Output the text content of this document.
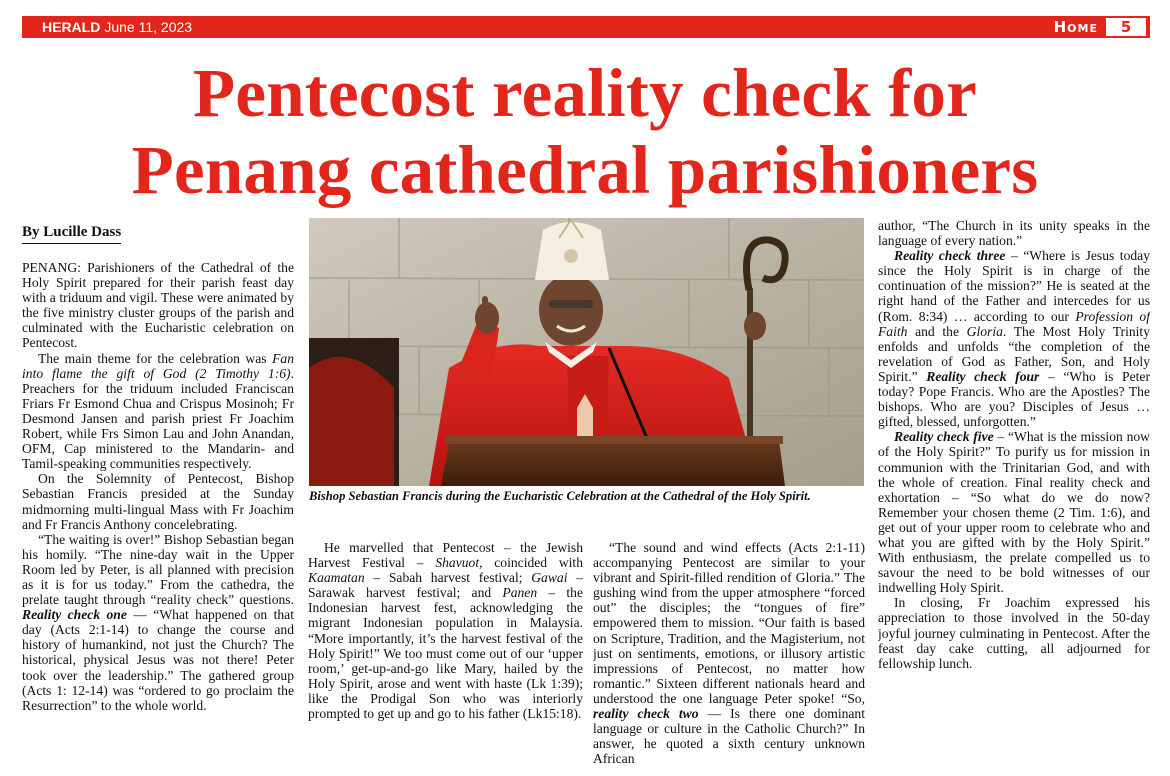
HERALD June 11, 2023	Home	5
Pentecost reality check for
Penang cathedral parishioners
By Lucille Dass

PENANG: Parishioners of the Cathedral of the Holy Spirit prepared for their parish feast day with a triduum and vigil. These were animated by the five ministry cluster groups of the parish and culminated with the Eucharistic celebration on Pentecost.

The main theme for the celebration was Fan into flame the gift of God (2 Timothy 1:6). Preachers for the triduum included Franciscan Friars Fr Esmond Chua and Crispus Mosinoh; Fr Desmond Jansen and parish priest Fr Joachim Robert, while Frs Simon Lau and John Anandan, OFM, Cap ministered to the Mandarin- and Tamil-speaking communities respectively.

On the Solemnity of Pentecost, Bishop Sebastian Francis presided at the Sunday midmorning multi-lingual Mass with Fr Joachim and Fr Francis Anthony concelebrating.

“The waiting is over!” Bishop Sebastian began his homily. “The nine-day wait in the Upper Room led by Peter, is all planned with precision as it is for us today.” From the cathedra, the prelate taught through “reality check” questions. Reality check one — “What happened on that day (Acts 2:1-14) to change the course and history of humankind, not just the Church? The historical, physical Jesus was not there! Peter took over the leadership.” The gathered group (Acts 1: 12-14) was “ordered to go proclaim the Resurrection” to the whole world.

Bishop Sebastian Francis during the Eucharistic Celebration at the Cathedral of the Holy Spirit.

He marvelled that Pentecost – the Jewish Harvest Festival – Shavuot, coincided with Kaamatan – Sabah harvest festival; Gawai – Sarawak harvest festival; and Panen – the Indonesian harvest fest, acknowledging the migrant Indonesian population in Malaysia. “More importantly, it’s the harvest festival of the Holy Spirit!” We too must come out of our ‘upper room,’ get-up-and-go like Mary, hailed by the Holy Spirit, arose and went with haste (Lk 1:39); like the Prodigal Son who was interiorly prompted to get up and go to his father (Lk15:18).

“The sound and wind effects (Acts 2:1-11) accompanying Pentecost are similar to your vibrant and Spirit-filled rendition of Gloria.” The gushing wind from the upper atmosphere “forced out” the disciples; the “tongues of fire” empowered them to mission. “Our faith is based on Scripture, Tradition, and the Magisterium, not just on sentiments, emotions, or illusory artistic impressions of Pentecost, no matter how romantic.” Sixteen different nationals heard and understood the one language Peter spoke! “So, reality check two — Is there one dominant language or culture in the Catholic Church?” In answer, he quoted a sixth century unknown African

author, “The Church in its unity speaks in the language of every nation.”

Reality check three – “Where is Jesus today since the Holy Spirit is in charge of the continuation of the mission?” He is seated at the right hand of the Father and intercedes for us (Rom. 8:34) … according to our Profession of Faith and the Gloria. The Most Holy Trinity enfolds and unfolds “the completion of the revelation of God as Father, Son, and Holy Spirit.” Reality check four – “Who is Peter today? Pope Francis. Who are the Apostles? The bishops. Who are you? Disciples of Jesus … gifted, blessed, unforgotten.”

Reality check five – “What is the mission now of the Holy Spirit?” To purify us for mission in communion with the Trinitarian God, and with the whole of creation. Final reality check and exhortation – “So what do we do now? Remember your chosen theme (2 Tim. 1:6), and get out of your upper room to celebrate who and what you are gifted with by the Holy Spirit.” With enthusiasm, the prelate compelled us to savour the need to be bold witnesses of our indwelling Holy Spirit.

In closing, Fr Joachim expressed his appreciation to those involved in the 50-day joyful journey culminating in Pentecost. After the feast day cake cutting, all adjourned for fellowship lunch.
